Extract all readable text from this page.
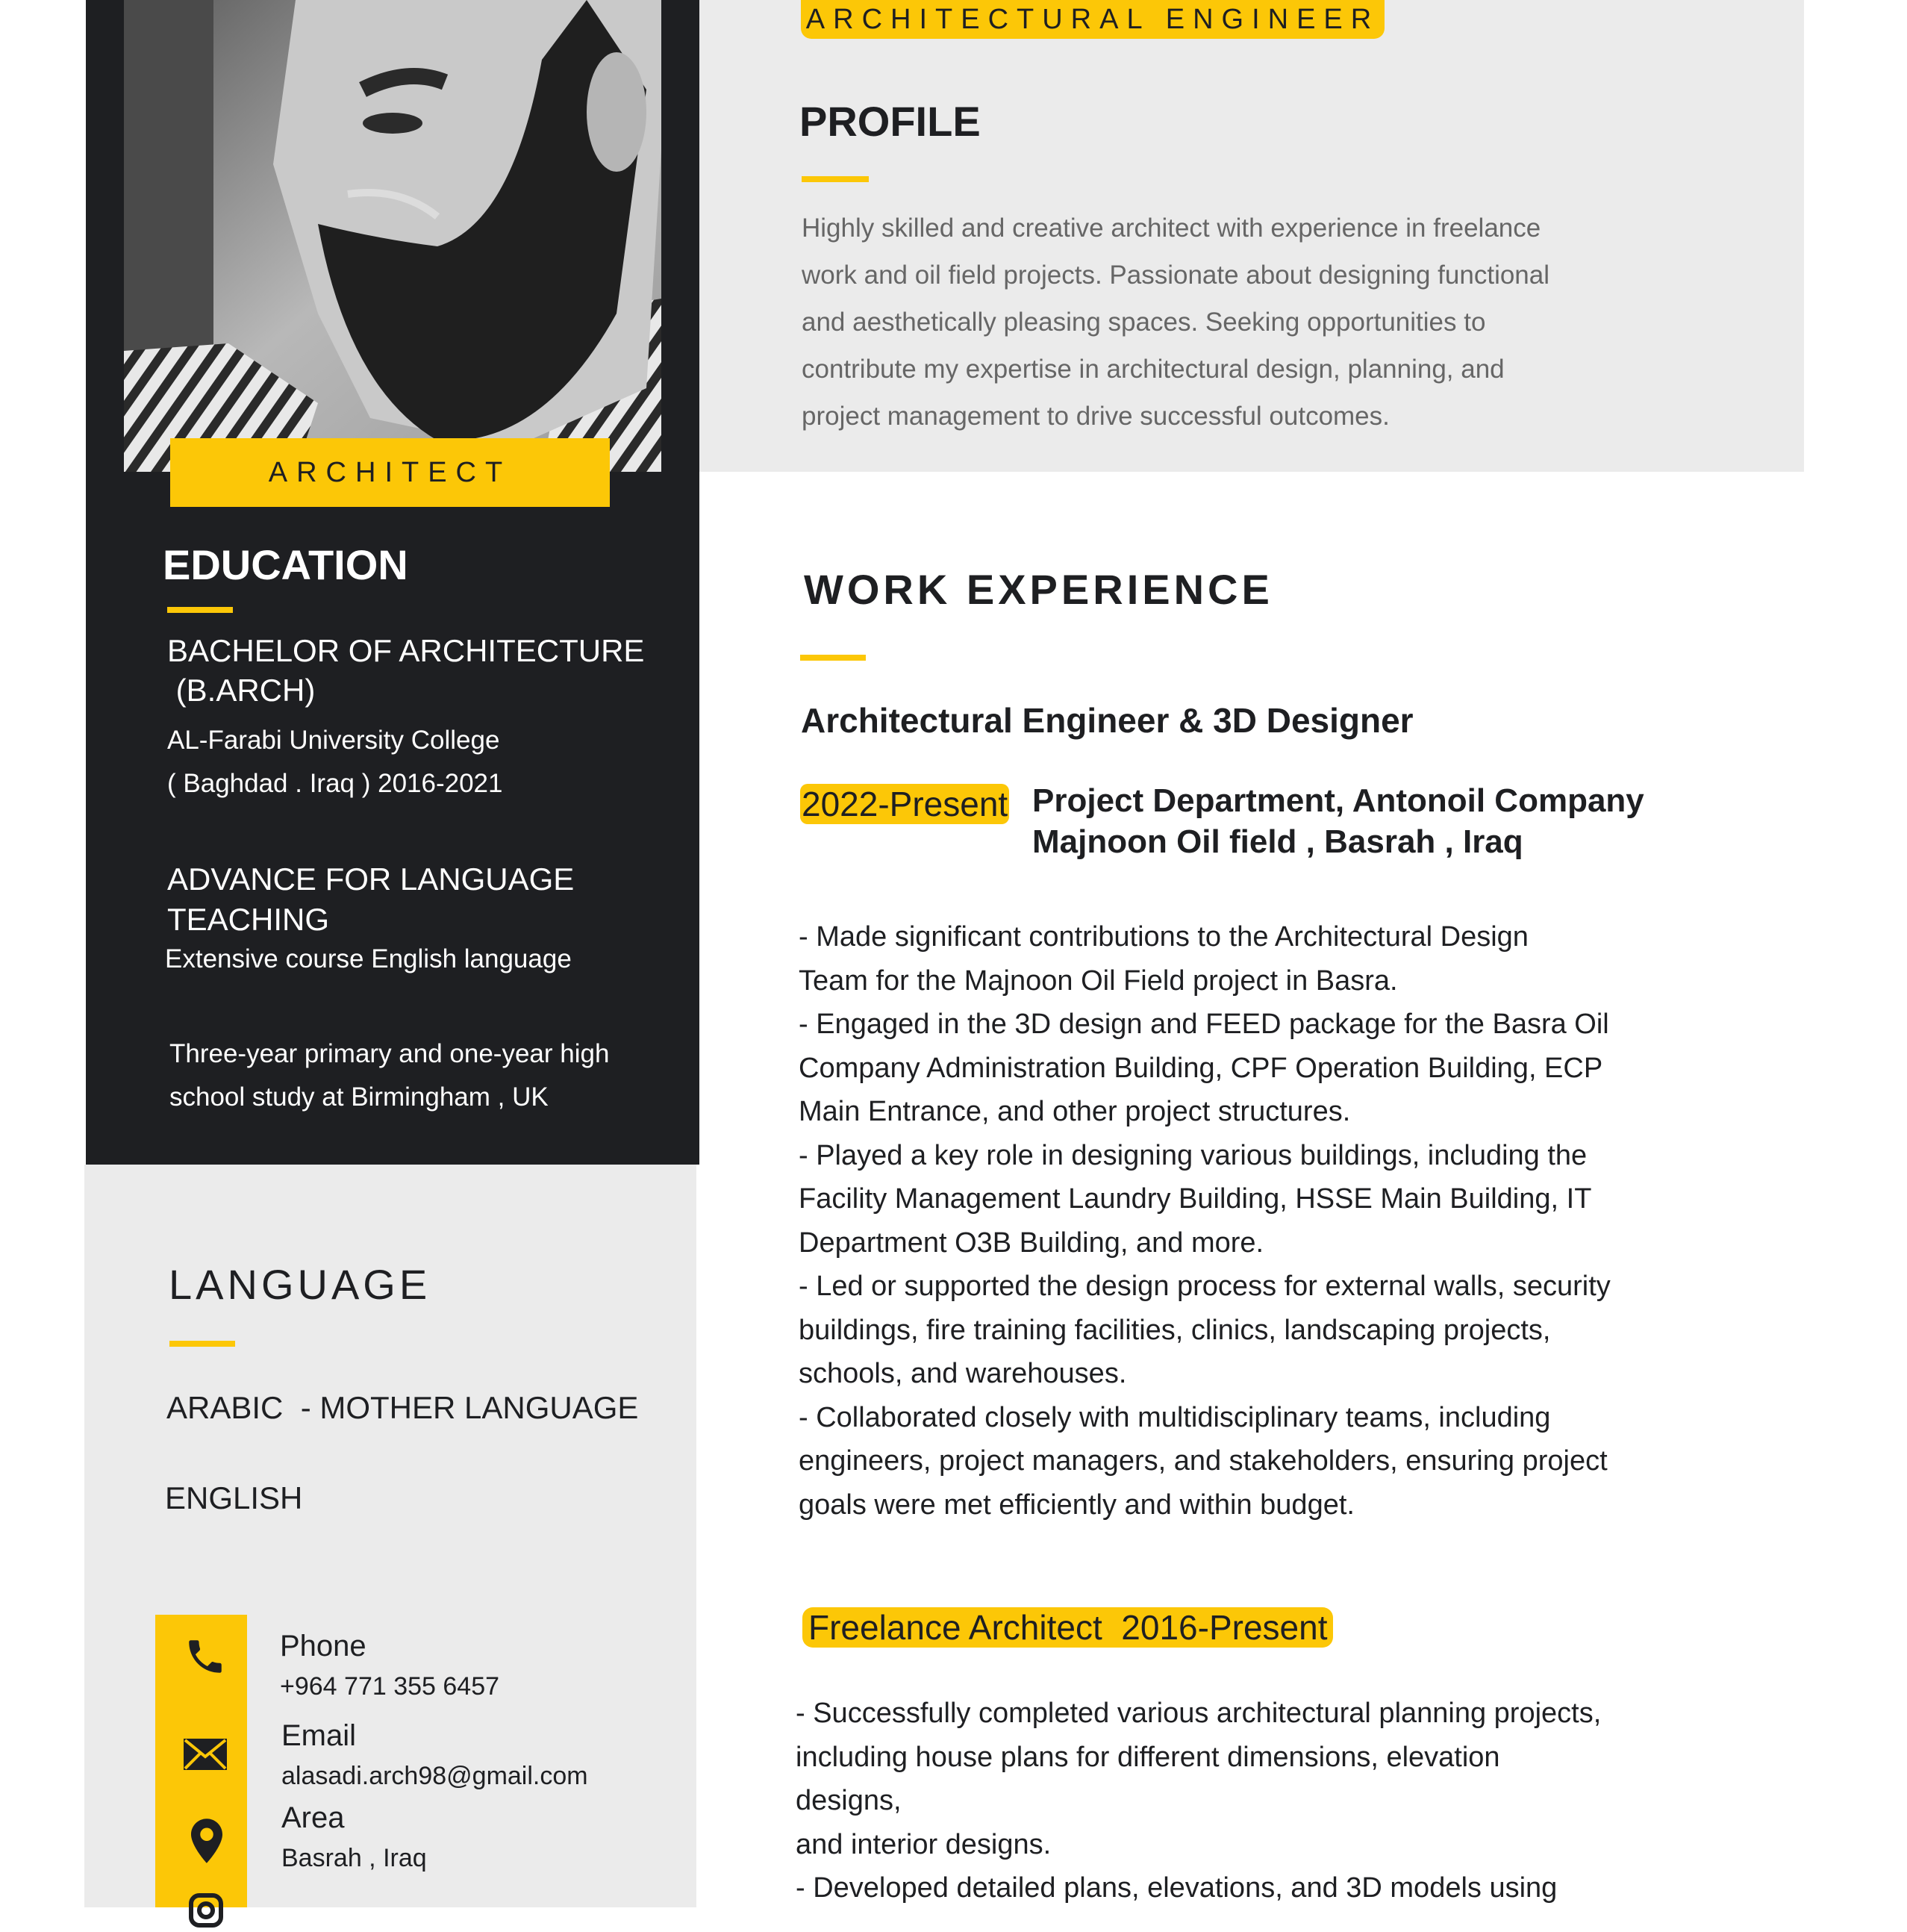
ARCHITECT
EDUCATION
BACHELOR OF ARCHITECTURE
(B.ARCH)
AL-Farabi University College
( Baghdad . Iraq ) 2016-2021
ADVANCE FOR LANGUAGE
TEACHING
Extensive course English language
Three-year primary and one-year high
school study at Birmingham , UK
LANGUAGE
ARABIC  - MOTHER LANGUAGE
ENGLISH
Phone
+964 771 355 6457
Email
alasadi.arch98@gmail.com
Area
Basrah , Iraq
ARCHITECTURAL ENGINEER
PROFILE
Highly skilled and creative architect with experience in freelance
work and oil field projects. Passionate about designing functional
and aesthetically pleasing spaces. Seeking opportunities to
contribute my expertise in architectural design, planning, and
project management to drive successful outcomes.
WORK EXPERIENCE
Architectural Engineer & 3D Designer
2022-Present Project Department, Antonoil Company
Majnoon Oil field , Basrah , Iraq
- Made significant contributions to the Architectural Design
Team for the Majnoon Oil Field project in Basra.
- Engaged in the 3D design and FEED package for the Basra Oil
Company Administration Building, CPF Operation Building, ECP
Main Entrance, and other project structures.
- Played a key role in designing various buildings, including the
Facility Management Laundry Building, HSSE Main Building, IT
Department O3B Building, and more.
- Led or supported the design process for external walls, security
buildings, fire training facilities, clinics, landscaping projects,
schools, and warehouses.
- Collaborated closely with multidisciplinary teams, including
engineers, project managers, and stakeholders, ensuring project
goals were met efficiently and within budget.
Freelance Architect  2016-Present
- Successfully completed various architectural planning projects,
including house plans for different dimensions, elevation
designs,
and interior designs.
- Developed detailed plans, elevations, and 3D models using
